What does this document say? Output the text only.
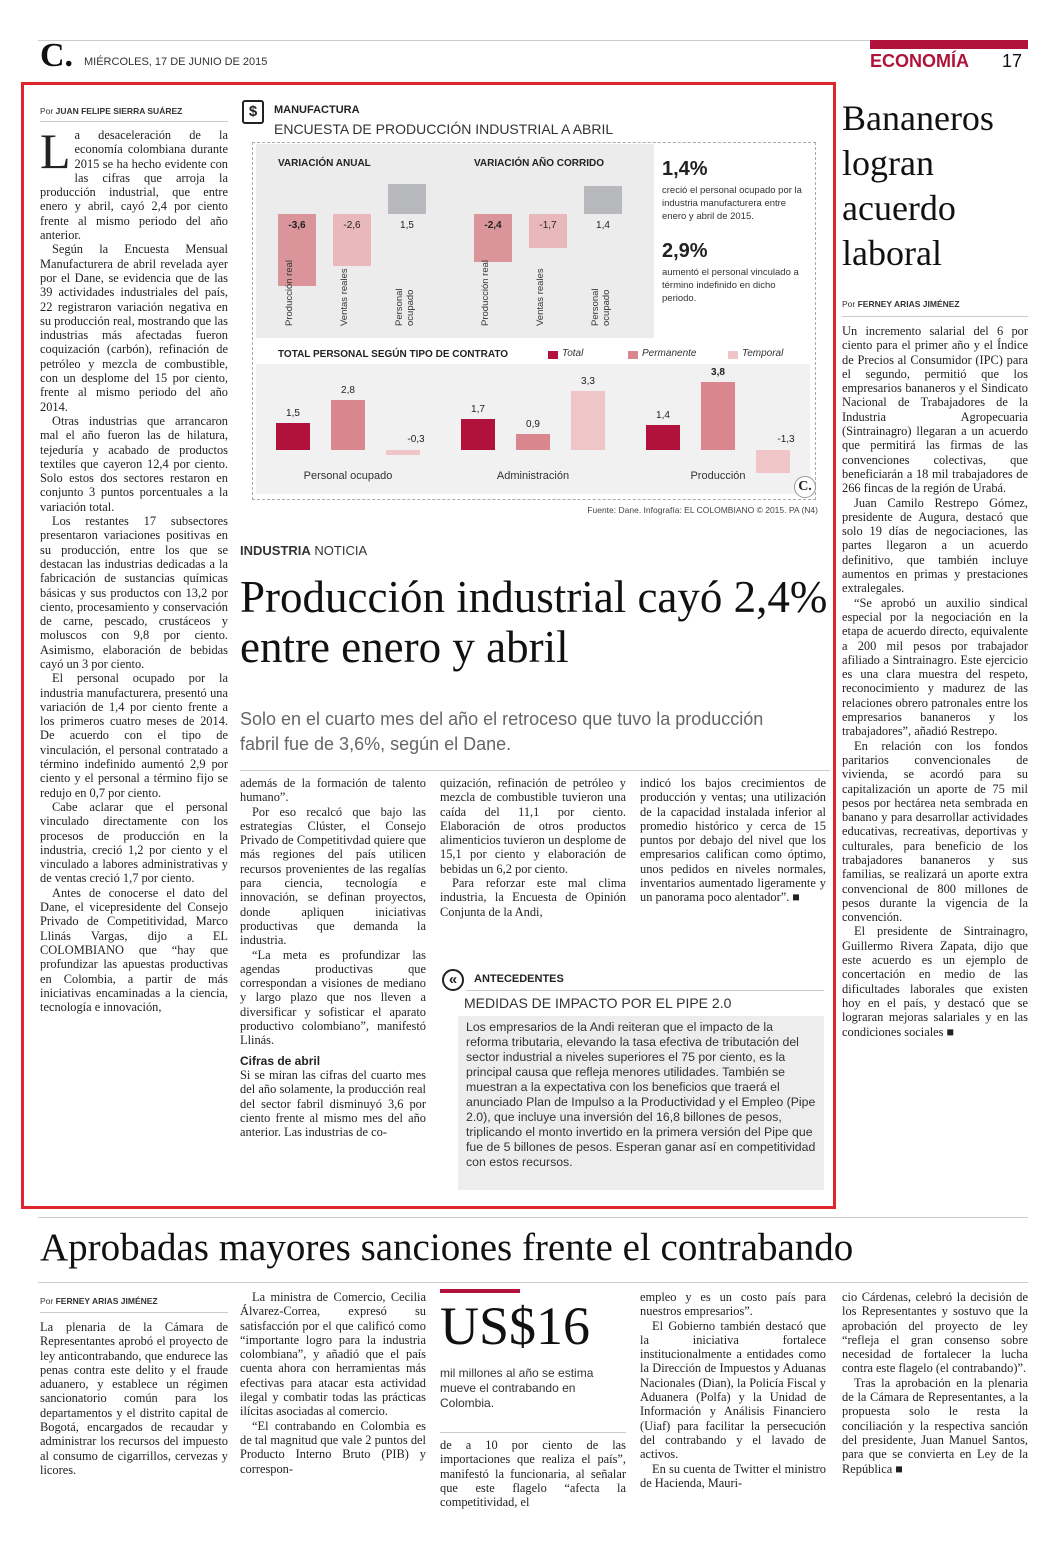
C. MIÉRCOLES, 17 DE JUNIO DE 2015	ECONOMÍA 17
Por JUAN FELIPE SIERRA SUÁREZ
L a desaceleración de la economía colombiana durante 2015 se ha hecho evidente con las cifras que arroja la producción industrial, que entre enero y abril, cayó 2,4 por ciento frente al mismo periodo del año anterior.

Según la Encuesta Mensual Manufacturera de abril revelada ayer por el Dane, se evidencia que de las 39 actividades industriales del país, 22 registraron variación negativa en su producción real, mostrando que las industrias más afectadas fueron coquización (carbón), refinación de petróleo y mezcla de combustible, con un desplome del 15 por ciento, frente al mismo periodo del año 2014.

Otras industrias que arrancaron mal el año fueron las de hilatura, tejeduría y acabado de productos textiles que cayeron 12,4 por ciento. Solo estos dos sectores restaron en conjunto 3 puntos porcentuales a la variación total.

Los restantes 17 subsectores presentaron variaciones positivas en su producción, entre los que se destacan las industrias dedicadas a la fabricación de sustancias químicas básicas y sus productos con 13,2 por ciento, procesamiento y conservación de carne, pescado, crustáceos y moluscos con 9,8 por ciento. Asimismo, elaboración de bebidas cayó un 3 por ciento.

El personal ocupado por la industria manufacturera, presentó una variación de 1,4 por ciento frente a los primeros cuatro meses de 2014. De acuerdo con el tipo de vinculación, el personal contratado a término indefinido aumentó 2,9 por ciento y el personal a término fijo se redujo en 0,7 por ciento.

Cabe aclarar que el personal vinculado directamente con los procesos de producción en la industria, creció 1,2 por ciento y el vinculado a labores administrativas y de ventas creció 1,7 por ciento.

Antes de conocerse el dato del Dane, el vicepresidente del Consejo Privado de Competitividad, Marco Llinás Vargas, dijo a EL COLOMBIANO que “hay que profundizar las apuestas productivas en Colombia, a partir de más iniciativas encaminadas a la ciencia, tecnología e innovación,

$	MANUFACTURA
ENCUESTA DE PRODUCCIÓN INDUSTRIAL A ABRIL
VARIACIÓN ANUAL
-3,6
Producción real
-2,6
Ventas reales
1,5
Personal ocupado
VARIACIÓN AÑO CORRIDO
-2,4
Producción real
-1,7
Ventas reales
1,4
Personal ocupado
1,4%
creció el personal ocupado por la industria manufacturera entre enero y abril de 2015.
2,9%
aumentó el personal vinculado a término indefinido en dicho periodo.
TOTAL PERSONAL SEGÚN TIPO DE CONTRATO	Total	Permanente	Temporal
1,5
2,8
-0,3
Personal ocupado
1,7
0,9
3,3
Administración
1,4
3,8
-1,3
Producción
C.
Fuente: Dane. Infografía: EL COLOMBIANO © 2015. PA (N4)
INDUSTRIA NOTICIA
Producción industrial cayó 2,4% entre enero y abril
Solo en el cuarto mes del año el retroceso que tuvo la producción fabril fue de 3,6%, según el Dane.

además de la formación de talento humano”.

Por eso recalcó que bajo las estrategias Clúster, el Consejo Privado de Competitivdad quiere que más regiones del país utilicen recursos provenientes de las regalías para ciencia, tecnología e innovación, se definan proyectos, donde apliquen iniciativas productivas que demanda la industria.

“La meta es profundizar las agendas productivas que correspondan a visiones de mediano y largo plazo que nos lleven a diversificar y sofisticar el aparato productivo colombiano”, manifestó Llinás.

Cifras de abril

Si se miran las cifras del cuarto mes del año solamente, la producción real del sector fabril disminuyó 3,6 por ciento frente al mismo mes del año anterior. Las industrias de co-

quización, refinación de petróleo y mezcla de combustible tuvieron una caída del 11,1 por ciento. Elaboración de otros productos alimenticios tuvieron un desplome de 15,1 por ciento y elaboración de bebidas un 6,2 por ciento.

Para reforzar este mal clima industria, la Encuesta de Opinión Conjunta de la Andi,

indicó los bajos crecimientos de producción y ventas; una utilización de la capacidad instalada inferior al promedio histórico y cerca de 15 puntos por debajo del nivel que los empresarios califican como óptimo, unos pedidos en niveles normales, inventarios aumentado ligeramente y un panorama poco alentador”. ■

«	ANTECEDENTES
MEDIDAS DE IMPACTO POR EL PIPE 2.0
Los empresarios de la Andi reiteran que el impacto de la reforma tributaria, elevando la tasa efectiva de tributación del sector industrial a niveles superiores el 75 por ciento, es la principal causa que refleja menores utilidades. También se muestran a la expectativa con los beneficios que traerá el anunciado Plan de Impulso a la Productividad y el Empleo (Pipe 2.0), que incluye una inversión del 16,8 billones de pesos, triplicando el monto invertido en la primera versión del Pipe que fue de 5 billones de pesos. Esperan ganar así en competitividad con estos recursos.
Bananeros logran acuerdo laboral
Por FERNEY ARIAS JIMÉNEZ

Un incremento salarial del 6 por ciento para el primer año y el Índice de Precios al Consumidor (IPC) para el segundo, permitió que los empresarios bananeros y el Sindicato Nacional de Trabajadores de la Industria Agropecuaria (Sintrainagro) llegaran a un acuerdo que permitirá las firmas de las convenciones colectivas, que beneficiarán a 18 mil trabajadores de 266 fincas de la región de Urabá.

Juan Camilo Restrepo Gómez, presidente de Augura, destacó que solo 19 días de negociaciones, las partes llegaron a un acuerdo definitivo, que también incluye aumentos en primas y prestaciones extralegales.

“Se aprobó un auxilio sindical especial por la negociación en la etapa de acuerdo directo, equivalente a 200 mil pesos por trabajador afiliado a Sintrainagro. Este ejercicio es una clara muestra del respeto, reconocimiento y madurez de las relaciones obrero patronales entre los empresarios bananeros y los trabajadores”, añadió Restrepo.

En relación con los fondos paritarios convencionales de vivienda, se acordó para su capitalización un aporte de 75 mil pesos por hectárea neta sembrada en banano y para desarrollar actividades educativas, recreativas, deportivas y culturales, para beneficio de los trabajadores bananeros y sus familias, se realizará un aporte extra convencional de 800 millones de pesos durante la vigencia de la convención.

El presidente de Sintrainagro, Guillermo Rivera Zapata, dijo que este acuerdo es un ejemplo de concertación en medio de las dificultades laborales que existen hoy en el país, y destacó que se lograran mejoras salariales y en las condiciones sociales ■

Aprobadas mayores sanciones frente el contrabando
Por FERNEY ARIAS JIMÉNEZ

La plenaria de la Cámara de Representantes aprobó el proyecto de ley anticontrabando, que endurece las penas contra este delito y el fraude aduanero, y establece un régimen sancionatorio común para los departamentos y el distrito capital de Bogotá, encargados de recaudar y administrar los recursos del impuesto al consumo de cigarrillos, cervezas y licores.

La ministra de Comercio, Cecilia Álvarez-Correa, expresó su satisfacción por el que calificó como “importante logro para la industria colombiana”, y añadió que el país cuenta ahora con herramientas más efectivas para atacar esta actividad ilegal y combatir todas las prácticas ilícitas asociadas al comercio.

“El contrabando en Colombia es de tal magnitud que vale 2 puntos del Producto Interno Bruto (PIB) y correspon-

US$16
mil millones al año se estima mueve el contrabando en Colombia.

de a 10 por ciento de las importaciones que realiza el país”, manifestó la funcionaria, al señalar que este flagelo “afecta la competitividad, el

empleo y es un costo país para nuestros empresarios”.

El Gobierno también destacó que la iniciativa fortalece institucionalmente a entidades como la Dirección de Impuestos y Aduanas Nacionales (Dian), la Policía Fiscal y Aduanera (Polfa) y la Unidad de Información y Análisis Financiero (Uiaf) para facilitar la persecución del contrabando y el lavado de activos.

En su cuenta de Twitter el ministro de Hacienda, Mauri-

cio Cárdenas, celebró la decisión de los Representantes y sostuvo que la aprobación del proyecto de ley “refleja el gran consenso sobre necesidad de fortalecer la lucha contra este flagelo (el contrabando)”.

Tras la aprobación en la plenaria de la Cámara de Representantes, a la propuesta solo le resta la conciliación y la respectiva sanción del presidente, Juan Manuel Santos, para que se convierta en Ley de la República ■
